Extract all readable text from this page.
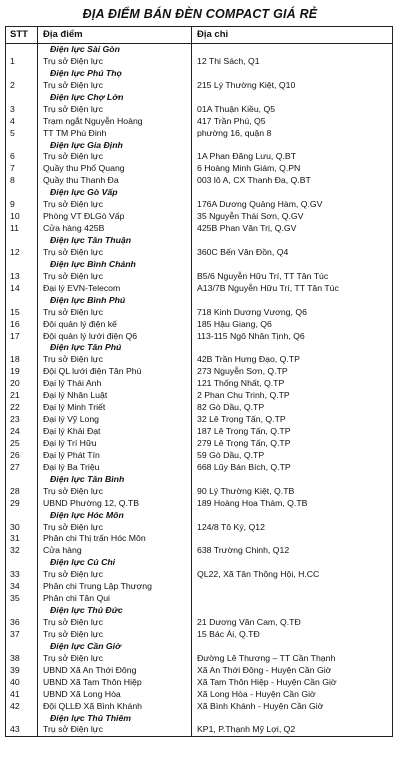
ĐỊA ĐIỂM BÁN ĐÈN COMPACT GIÁ RẺ
STT	Địa điểm	Địa chỉ
Điện lực Sài Gòn
1	Trụ sở Điện lực	12 Thi Sách, Q1
Điện lực Phú Thọ
2	Trụ sở Điện lực	215 Lý Thường Kiệt, Q10
Điện lực Chợ Lớn
3	Trụ sở Điện lực	01A Thuận Kiều, Q5
4	Trạm ngắt Nguyễn Hoàng	417 Trần Phú, Q5
5	TT TM Phú Đinh	phường 16, quận 8
Điện lực Gia Định
6	Trụ sở Điện lực	1A Phan Đăng Lưu, Q.BT
7	Quầy thu Phổ Quang	6 Hoàng Minh Giám, Q.PN
8	Quầy thu Thanh Đa	003 lô A, CX Thanh Đa, Q.BT
Điện lực Gò Vấp
9	Trụ sở Điện lực	176A Dương Quảng Hàm, Q.GV
10	Phòng VT ĐLGò Vấp	35 Nguyễn Thái Sơn, Q.GV
11	Cửa hàng 425B	425B Phan Văn Trị, Q.GV
Điện lực Tân Thuận
12	Trụ sở Điện lực	360C Bến Vân Đồn, Q4
Điện lực Bình Chánh
13	Trụ sở Điện lực	B5/6 Nguyễn Hữu Trí, TT Tân Túc
14	Đại lý EVN-Telecom	A13/7B Nguyễn Hữu Trí, TT Tân Túc
Điện lực Bình Phú
15	Trụ sở Điện lực	718 Kinh Dương Vương, Q6
16	Đội quản lý điện kế	185 Hậu Giang, Q6
17	Đội quản lý lưới điện Q6	113-115 Ngô Nhân Tịnh, Q6
Điện lực Tân Phú
18	Trụ sở Điện lực	42B Trần Hưng Đạo, Q.TP
19	Đội QL lưới điện Tân Phú	273 Nguyễn Sơn, Q.TP
20	Đại lý Thái Anh	121 Thống Nhất, Q.TP
21	Đại lý Nhân Luật	2 Phan Chu Trinh, Q.TP
22	Đại lý Minh Triết	82 Gò Dầu, Q.TP
23	Đại lý Vỹ Long	32 Lê Trọng Tấn, Q.TP
24	Đại lý Khải Đạt	187 Lê Trọng Tấn, Q.TP
25	Đại lý Trí Hữu	279 Lê Trọng Tấn, Q.TP
26	Đại lý Phát Tín	59 Gò Dầu, Q.TP
27	Đại lý Ba Triệu	668 Lũy Bán Bích, Q.TP
Điện lực Tân Bình
28	Trụ sở Điện lực	90 Lý Thường Kiệt, Q.TB
29	UBND Phường 12, Q.TB	189 Hoàng Hoa Thám, Q.TB
Điện lực Hóc Môn
30	Trụ sở Điện lực	124/8 Tô Ký, Q12
31	Phân chi Thị trấn Hóc Môn
32	Cửa hàng	638 Trường Chinh, Q12
Điện lực Củ Chi
33	Trụ sở Điện lực	QL22, Xã Tân Thông Hội, H.CC
34	Phân chi Trung Lập Thượng
35	Phân chi Tân Qui
Điện lực Thủ Đức
36	Trụ sở Điện lực	21 Dương Văn Cam, Q.TĐ
37	Trụ sở Điện lực	15 Bác Ái, Q.TĐ
Điện lực Cần Giờ
38	Trụ sở Điện lực	Đường Lê Thương – TT Cần Thạnh
39	UBND Xã An Thới Đông	Xã An Thới Đông - Huyện Cần Giờ
40	UBND Xã Tam Thôn Hiệp	Xã Tam Thôn Hiệp - Huyện Cần Giờ
41	UBND Xã Long Hòa	Xã Long Hòa - Huyện Cần Giờ
42	Đội QLLĐ Xã Bình Khánh	Xã Bình Khánh - Huyện Cần Giờ
Điện lực Thủ Thiêm
43	Trụ sở Điện lực	KP1, P.Thạnh Mỹ Lợi, Q2
